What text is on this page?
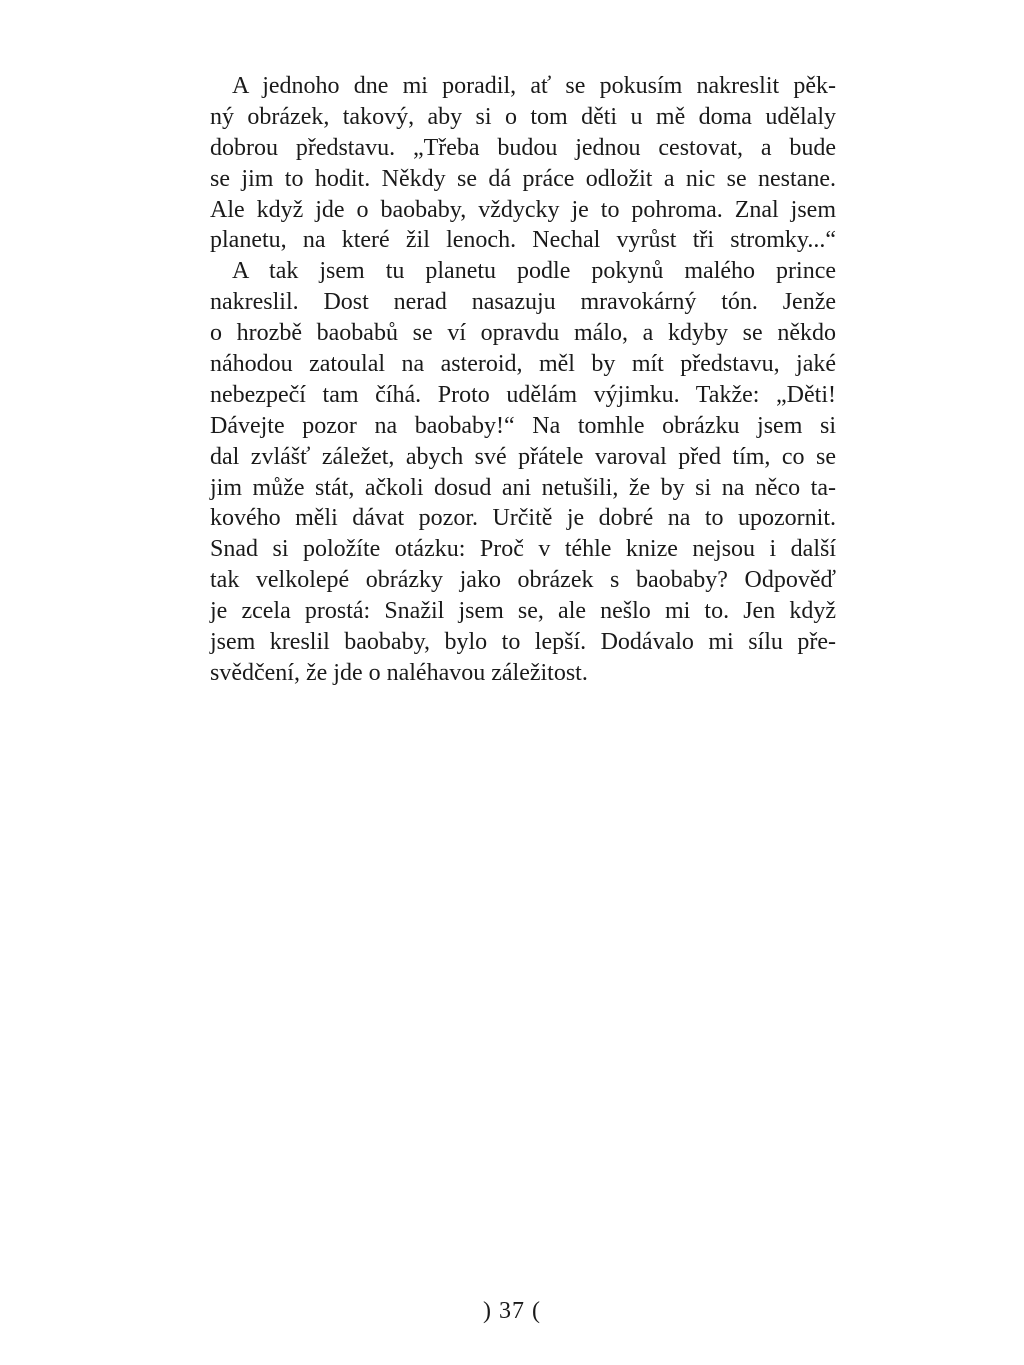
A jednoho dne mi poradil, ať se pokusím nakreslit pěk-
ný obrázek, takový, aby si o tom děti u mě doma udělaly
dobrou představu. „Třeba budou jednou cestovat, a bude
se jim to hodit. Někdy se dá práce odložit a nic se nestane.
Ale když jde o baobaby, vždycky je to pohroma. Znal jsem
planetu, na které žil lenoch. Nechal vyrůst tři stromky...“
A tak jsem tu planetu podle pokynů malého prince
nakreslil. Dost nerad nasazuju mravokárný tón. Jenže
o hrozbě baobabů se ví opravdu málo, a kdyby se někdo
náhodou zatoulal na asteroid, měl by mít představu, jaké
nebezpečí tam číhá. Proto udělám výjimku. Takže: „Děti!
Dávejte pozor na baobaby!“ Na tomhle obrázku jsem si
dal zvlášť záležet, abych své přátele varoval před tím, co se
jim může stát, ačkoli dosud ani netušili, že by si na něco ta-
kového měli dávat pozor. Určitě je dobré na to upozornit.
Snad si položíte otázku: Proč v téhle knize nejsou i další
tak velkolepé obrázky jako obrázek s baobaby? Odpověď
je zcela prostá: Snažil jsem se, ale nešlo mi to. Jen když
jsem kreslil baobaby, bylo to lepší. Dodávalo mi sílu pře-
svědčení, že jde o naléhavou záležitost.
) 37 (
